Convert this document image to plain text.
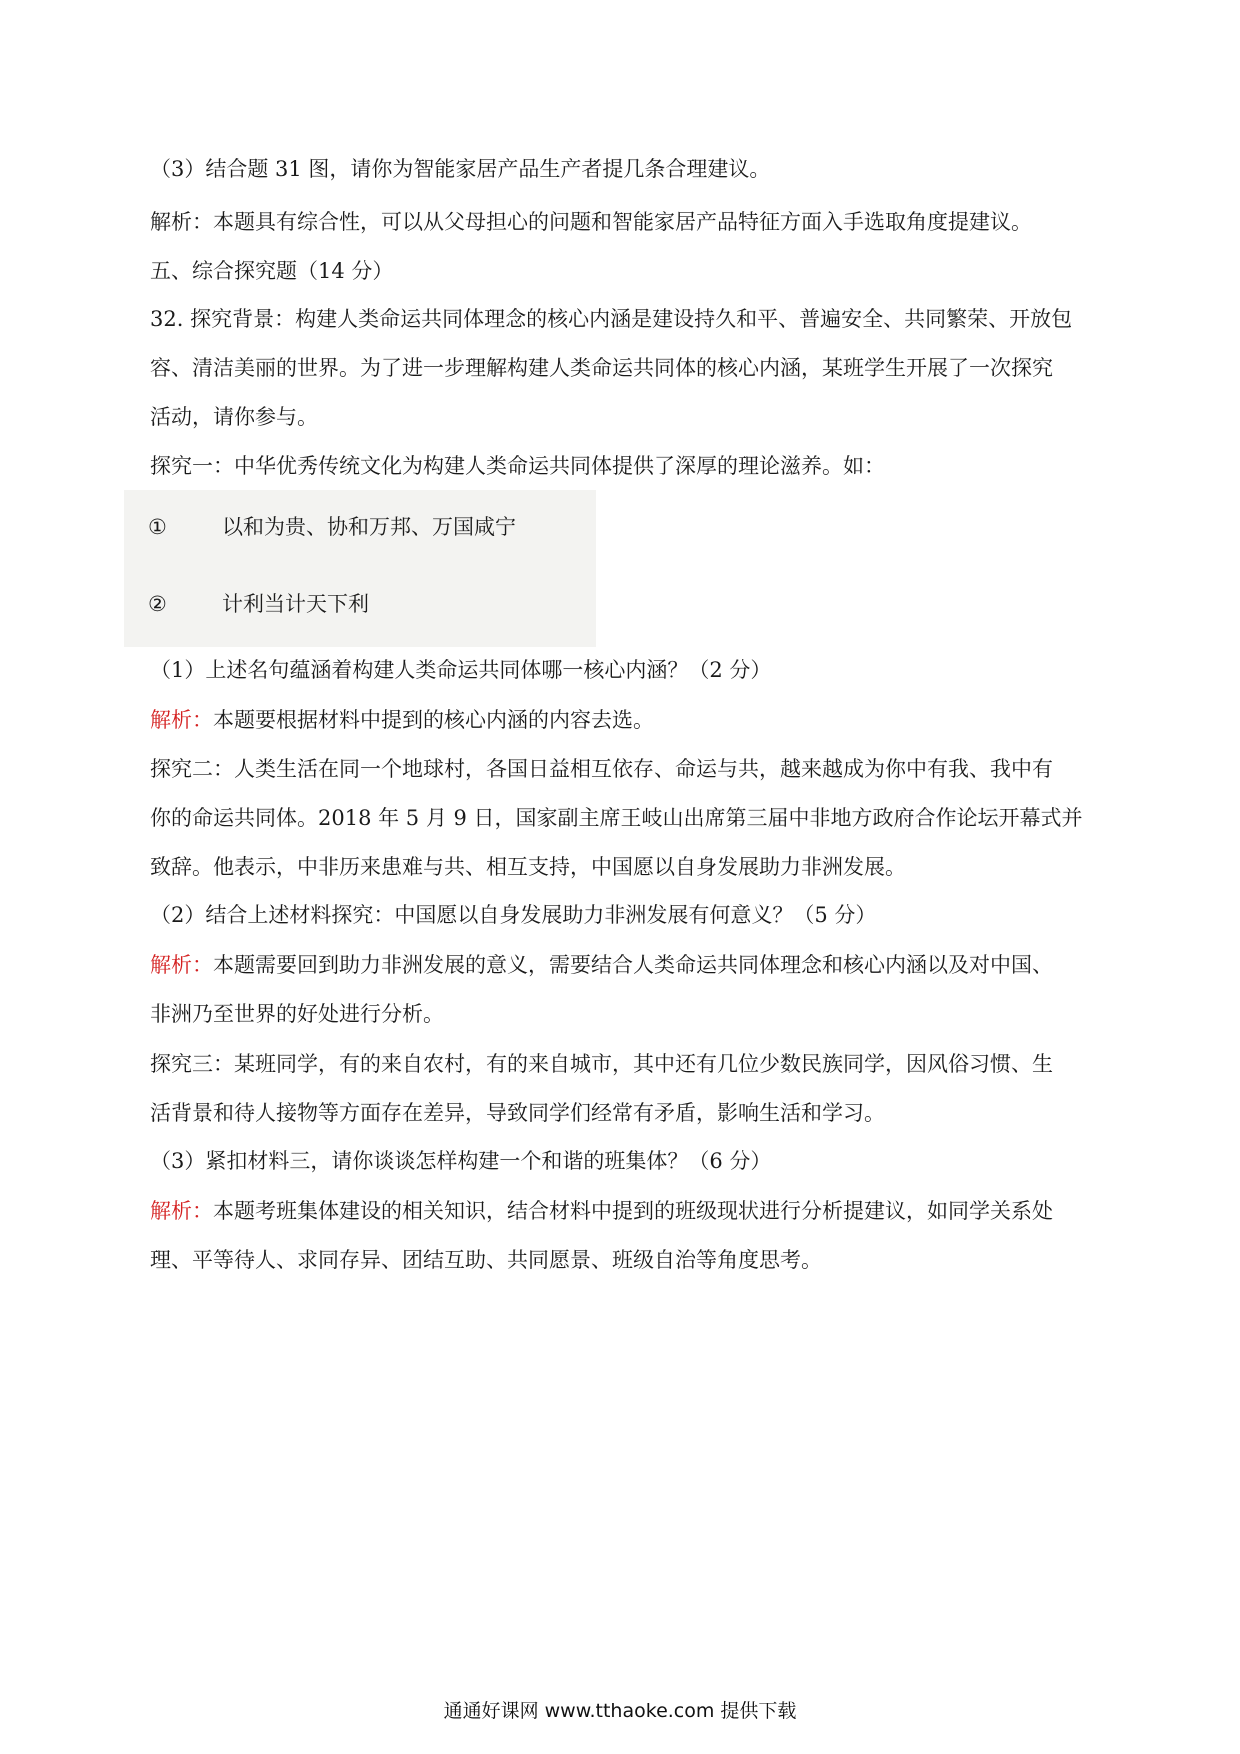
（3）结合题 31 图，请你为智能家居产品生产者提几条合理建议。
解析：本题具有综合性，可以从父母担心的问题和智能家居产品特征方面入手选取角度提建议。
五、综合探究题（14 分）
32. 探究背景：构建人类命运共同体理念的核心内涵是建设持久和平、普遍安全、共同繁荣、开放包
容、清洁美丽的世界。为了进一步理解构建人类命运共同体的核心内涵，某班学生开展了一次探究
活动，请你参与。
探究一：中华优秀传统文化为构建人类命运共同体提供了深厚的理论滋养。如：
①	以和为贵、协和万邦、万国咸宁
②	计利当计天下利
（1）上述名句蕴涵着构建人类命运共同体哪一核心内涵？（2 分）
解析：本题要根据材料中提到的核心内涵的内容去选。
探究二：人类生活在同一个地球村，各国日益相互依存、命运与共，越来越成为你中有我、我中有
你的命运共同体。2018 年 5 月 9 日，国家副主席王岐山出席第三届中非地方政府合作论坛开幕式并
致辞。他表示，中非历来患难与共、相互支持，中国愿以自身发展助力非洲发展。
（2）结合上述材料探究：中国愿以自身发展助力非洲发展有何意义？（5 分）
解析：本题需要回到助力非洲发展的意义，需要结合人类命运共同体理念和核心内涵以及对中国、
非洲乃至世界的好处进行分析。
探究三：某班同学，有的来自农村，有的来自城市，其中还有几位少数民族同学，因风俗习惯、生
活背景和待人接物等方面存在差异，导致同学们经常有矛盾，影响生活和学习。
（3）紧扣材料三，请你谈谈怎样构建一个和谐的班集体？（6 分）
解析：本题考班集体建设的相关知识，结合材料中提到的班级现状进行分析提建议，如同学关系处
理、平等待人、求同存异、团结互助、共同愿景、班级自治等角度思考。
通通好课网 www.tthaoke.com 提供下载
